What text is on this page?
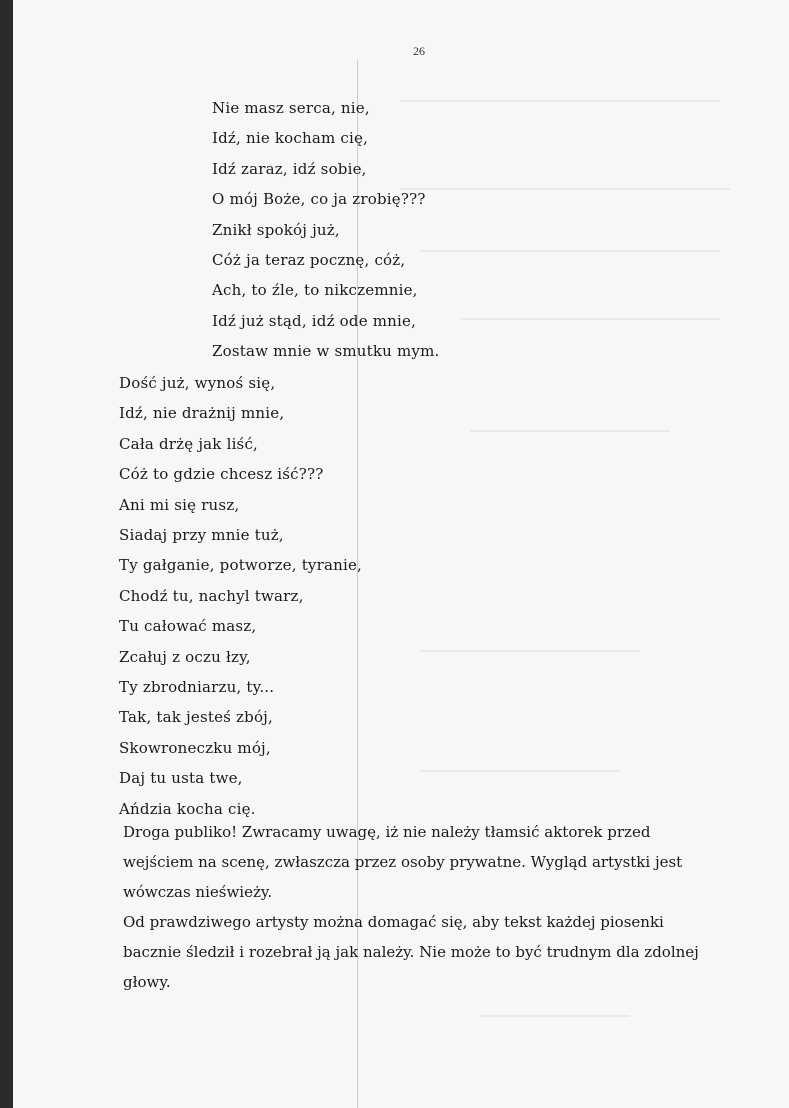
26
Nie masz serca, nie,
Idź, nie kocham cię,
Idź zaraz, idź sobie,
O mój Boże, co ja zrobię???
Znikł spokój już,
Cóż ja teraz pocznę, cóż,
Ach, to źle, to nikczemnie,
Idź już stąd, idź ode mnie,
Zostaw mnie w smutku mym.
Dość już, wynoś się,
Idź, nie drażnij mnie,
Cała drżę jak liść,
Cóż to gdzie chcesz iść???
Ani mi się rusz,
Siadaj przy mnie tuż,
Ty gałganie, potworze, tyranie,
Chodź tu, nachyl twarz,
Tu całować masz,
Zcałuj z oczu łzy,
Ty zbrodniarzu, ty...
Tak, tak jesteś zbój,
Skowroneczku mój,
Daj tu usta twe,
Ańdzia kocha cię.

Droga publiko! Zwracamy uwagę, iż nie należy tłamsić aktorek przed wejściem na scenę, zwłaszcza przez osoby prywatne. Wygląd artystki jest wówczas nieświeży.

Od prawdziwego artysty można domagać się, aby tekst każdej piosenki bacznie śledził i rozebrał ją jak należy. Nie może to być trudnym dla zdolnej głowy.
